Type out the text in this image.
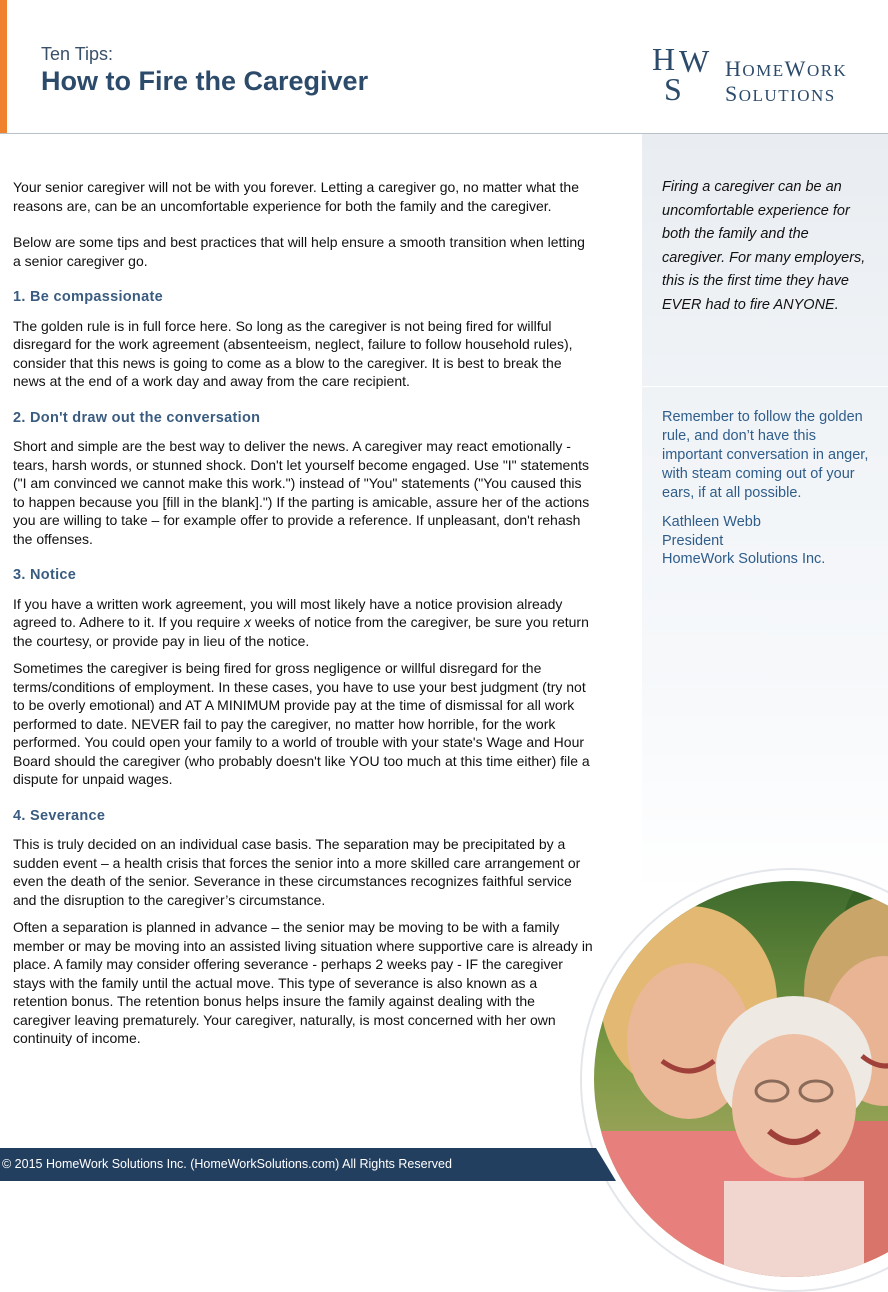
Ten Tips:
How to Fire the Caregiver
H W
S
HOMEWORK
SOLUTIONS
Firing a caregiver can be an uncomfortable experience for both the family and the caregiver. For many employers, this is the first time they have EVER had to fire ANYONE.
Remember to follow the golden rule, and don’t have this important conversation in anger, with steam coming out of your ears, if at all possible.
Kathleen Webb
President
HomeWork Solutions Inc.

Your senior caregiver will not be with you forever. Letting a caregiver go, no matter what the reasons are, can be an uncomfortable experience for both the family and the caregiver.

Below are some tips and best practices that will help ensure a smooth transition when letting a senior caregiver go.

1. Be compassionate

The golden rule is in full force here. So long as the caregiver is not being fired for willful disregard for the work agreement (absenteeism, neglect, failure to follow household rules), consider that this news is going to come as a blow to the caregiver. It is best to break the news at the end of a work day and away from the care recipient.

2. Don't draw out the conversation

Short and simple are the best way to deliver the news. A caregiver may react emotionally - tears, harsh words, or stunned shock. Don't let yourself become engaged. Use "I" statements ("I am convinced we cannot make this work.") instead of "You" statements ("You caused this to happen because you [fill in the blank].") If the parting is amicable, assure her of the actions you are willing to take – for example offer to provide a reference. If unpleasant, don't rehash the offenses.

3. Notice

If you have a written work agreement, you will most likely have a notice provision already agreed to. Adhere to it. If you require x weeks of notice from the caregiver, be sure you return the courtesy, or provide pay in lieu of the notice.

Sometimes the caregiver is being fired for gross negligence or willful disregard for the terms/conditions of employment. In these cases, you have to use your best judgment (try not to be overly emotional) and AT A MINIMUM provide pay at the time of dismissal for all work performed to date. NEVER fail to pay the caregiver, no matter how horrible, for the work performed. You could open your family to a world of trouble with your state's Wage and Hour Board should the caregiver (who probably doesn't like YOU too much at this time either) file a dispute for unpaid wages.

4. Severance

This is truly decided on an individual case basis. The separation may be precipitated by a sudden event – a health crisis that forces the senior into a more skilled care arrangement or even the death of the senior. Severance in these circumstances recognizes faithful service and the disruption to the caregiver’s circumstance.

Often a separation is planned in advance – the senior may be moving to be with a family member or may be moving into an assisted living situation where supportive care is already in place. A family may consider offering severance - perhaps 2 weeks pay - IF the caregiver stays with the family until the actual move. This type of severance is also known as a retention bonus. The retention bonus helps insure the family against dealing with the caregiver leaving prematurely. Your caregiver, naturally, is most concerned with her own continuity of income.

© 2015 HomeWork Solutions Inc. (HomeWorkSolutions.com) All Rights Reserved
